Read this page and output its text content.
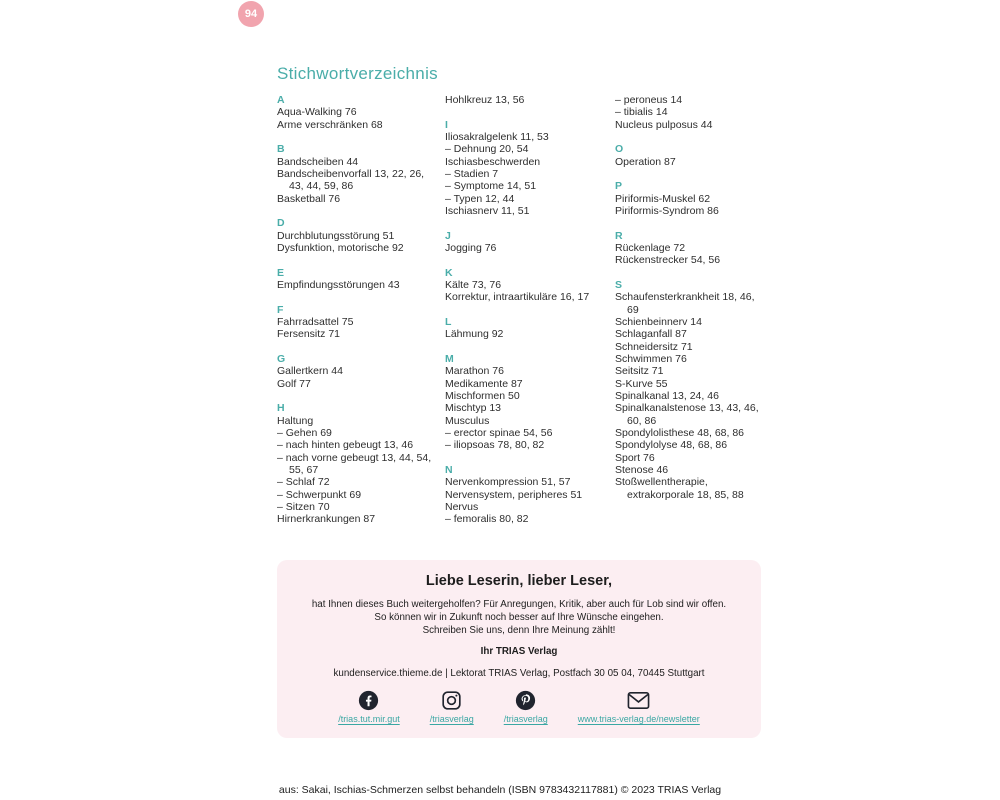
94
Stichwortverzeichnis
A
Aqua-Walking 76
Arme verschränken 68
B
Bandscheiben 44
Bandscheibenvorfall 13, 22, 26, 43, 44, 59, 86
Basketball 76
D
Durchblutungsstörung 51
Dysfunktion, motorische 92
E
Empfindungsstörungen 43
F
Fahrradsattel 75
Fersensitz 71
G
Gallertkern 44
Golf 77
H
Haltung
– Gehen 69
– nach hinten gebeugt 13, 46
– nach vorne gebeugt 13, 44, 54, 55, 67
– Schlaf 72
– Schwerpunkt 69
– Sitzen 70
Hirnerkrankungen 87
Hohlkreuz 13, 56
I
Iliosakralgelenk 11, 53
– Dehnung 20, 54
Ischiasbeschwerden
– Stadien 7
– Symptome 14, 51
– Typen 12, 44
Ischiasnerv 11, 51
J
Jogging 76
K
Kälte 73, 76
Korrektur, intraartikuläre 16, 17
L
Lähmung 92
M
Marathon 76
Medikamente 87
Mischformen 50
Mischtyp 13
Musculus
– erector spinae 54, 56
– iliopsoas 78, 80, 82
N
Nervenkompression 51, 57
Nervensystem, peripheres 51
Nervus
– femoralis 80, 82
– peroneus 14
– tibialis 14
Nucleus pulposus 44
O
Operation 87
P
Piriformis-Muskel 62
Piriformis-Syndrom 86
R
Rückenlage 72
Rückenstrecker 54, 56
S
Schaufensterkrankheit 18, 46, 69
Schienbeinnerv 14
Schlaganfall 87
Schneidersitz 71
Schwimmen 76
Seitsitz 71
S-Kurve 55
Spinalkanal 13, 24, 46
Spinalkanalstenose 13, 43, 46, 60, 86
Spondylolisthese 48, 68, 86
Spondylolyse 48, 68, 86
Sport 76
Stenose 46
Stoßwellentherapie, extrakorporale 18, 85, 88
Liebe Leserin, lieber Leser,
hat Ihnen dieses Buch weitergeholfen? Für Anregungen, Kritik, aber auch für Lob sind wir offen.
So können wir in Zukunft noch besser auf Ihre Wünsche eingehen.
Schreiben Sie uns, denn Ihre Meinung zählt!
Ihr TRIAS Verlag
kundenservice.thieme.de | Lektorat TRIAS Verlag, Postfach 30 05 04, 70445 Stuttgart
/trias.tut.mir.gut	/triasverlag	/triasverlag	www.trias-verlag.de/newsletter
aus: Sakai, Ischias-Schmerzen selbst behandeln (ISBN 9783432117881) © 2023 TRIAS Verlag
